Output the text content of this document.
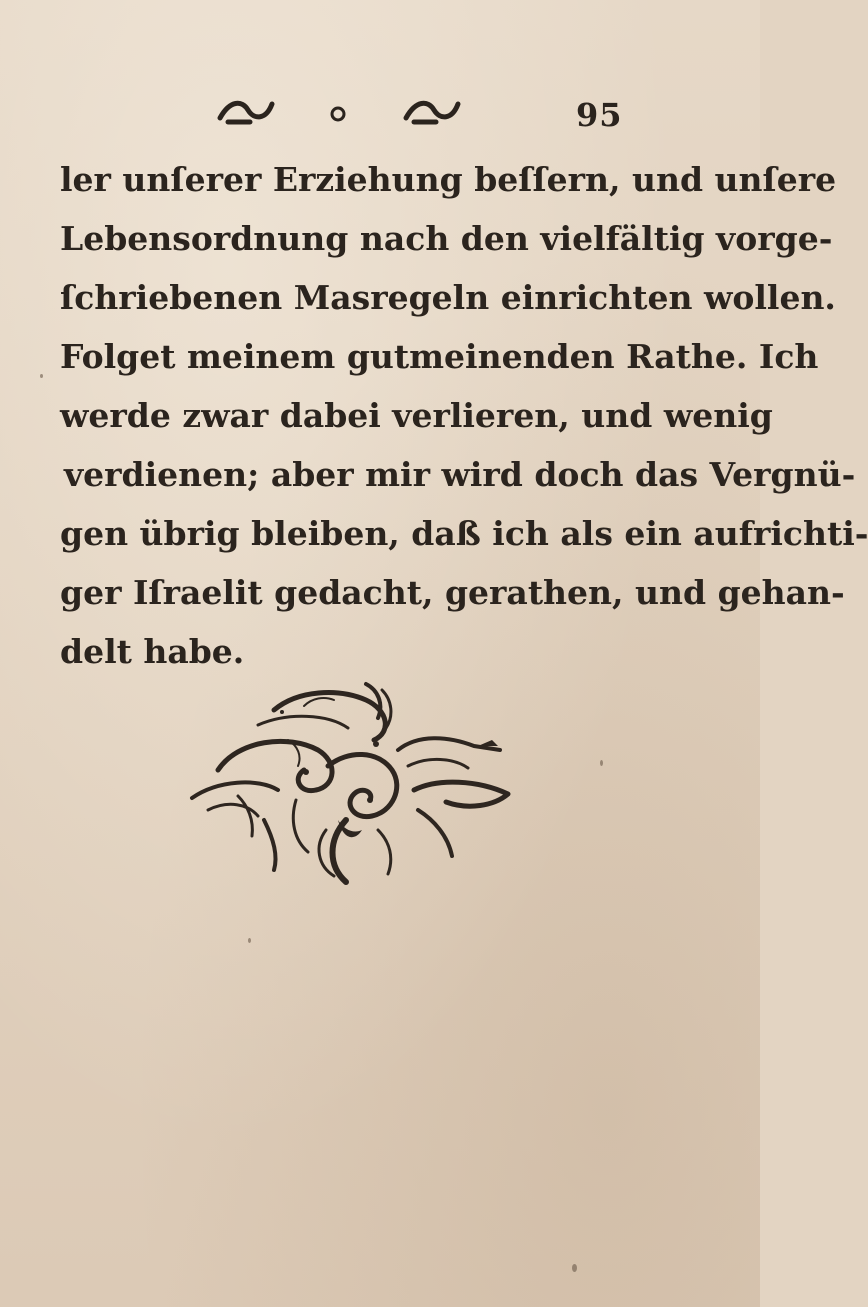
95
ler unſerer Erziehung beſſern, und unſere
Lebensordnung nach den vielfältig vorge-
ſchriebenen Masregeln einrichten wollen.
Folget meinem gutmeinenden Rathe. Ich
werde zwar dabei verlieren, und wenig
verdienen; aber mir wird doch das Vergnü-
gen übrig bleiben, daß ich als ein aufrichti-
ger Iſraelit gedacht, gerathen, und gehan-
delt habe.
